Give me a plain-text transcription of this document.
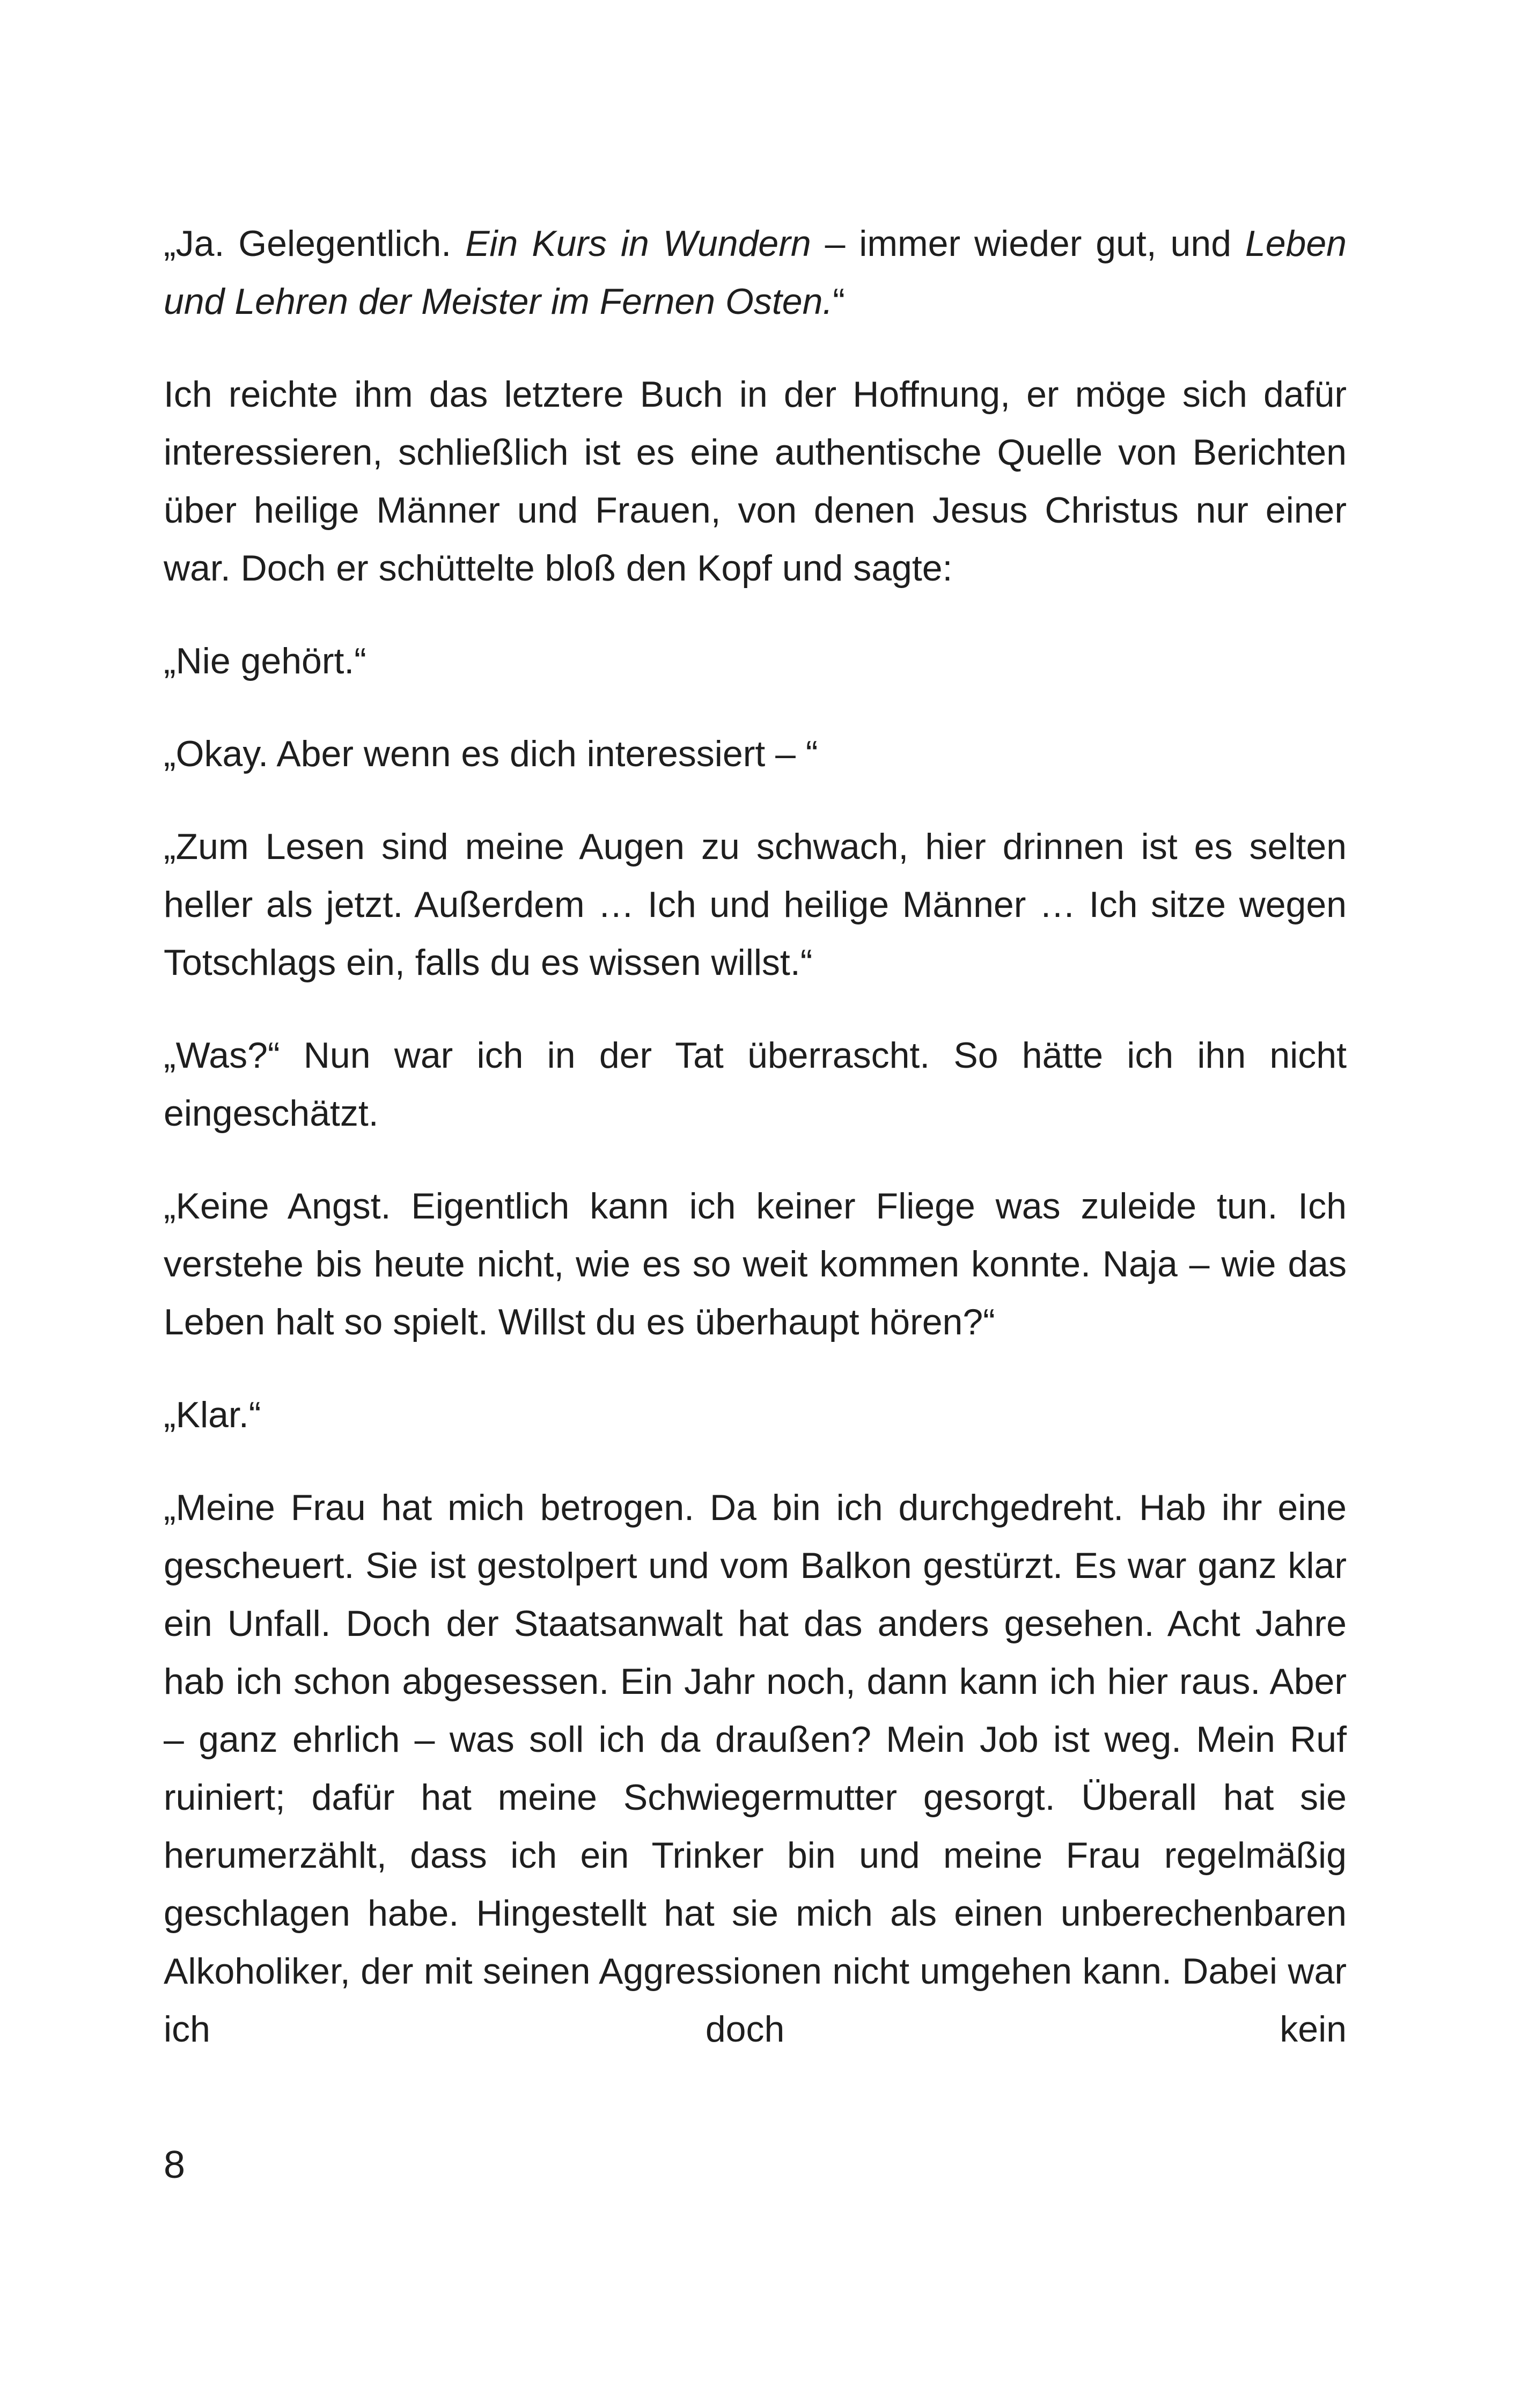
„Ja. Gelegentlich. Ein Kurs in Wundern – immer wieder gut, und Leben und Lehren der Meister im Fernen Osten.“

Ich reichte ihm das letztere Buch in der Hoffnung, er möge sich dafür interessieren, schließlich ist es eine authentische Quelle von Berichten über heilige Männer und Frauen, von denen Jesus Christus nur einer war. Doch er schüttelte bloß den Kopf und sagte:

„Nie gehört.“

„Okay. Aber wenn es dich interessiert – “

„Zum Lesen sind meine Augen zu schwach, hier drinnen ist es selten heller als jetzt. Außerdem … Ich und heilige Männer … Ich sitze wegen Totschlags ein, falls du es wissen willst.“

„Was?“ Nun war ich in der Tat überrascht. So hätte ich ihn nicht eingeschätzt.

„Keine Angst. Eigentlich kann ich keiner Fliege was zuleide tun. Ich verstehe bis heute nicht, wie es so weit kommen konnte. Naja – wie das Leben halt so spielt. Willst du es überhaupt hören?“

„Klar.“

„Meine Frau hat mich betrogen. Da bin ich durchgedreht. Hab ihr eine gescheuert. Sie ist gestolpert und vom Balkon gestürzt. Es war ganz klar ein Unfall. Doch der Staatsanwalt hat das anders gesehen. Acht Jahre hab ich schon abgesessen. Ein Jahr noch, dann kann ich hier raus. Aber – ganz ehrlich – was soll ich da draußen? Mein Job ist weg. Mein Ruf ruiniert; dafür hat meine Schwiegermutter gesorgt. Überall hat sie herumerzählt, dass ich ein Trinker bin und meine Frau regelmäßig geschlagen habe. Hingestellt hat sie mich als einen unberechenbaren Alkoholiker, der mit seinen Aggressionen nicht umgehen kann. Dabei war ich doch kein

8
